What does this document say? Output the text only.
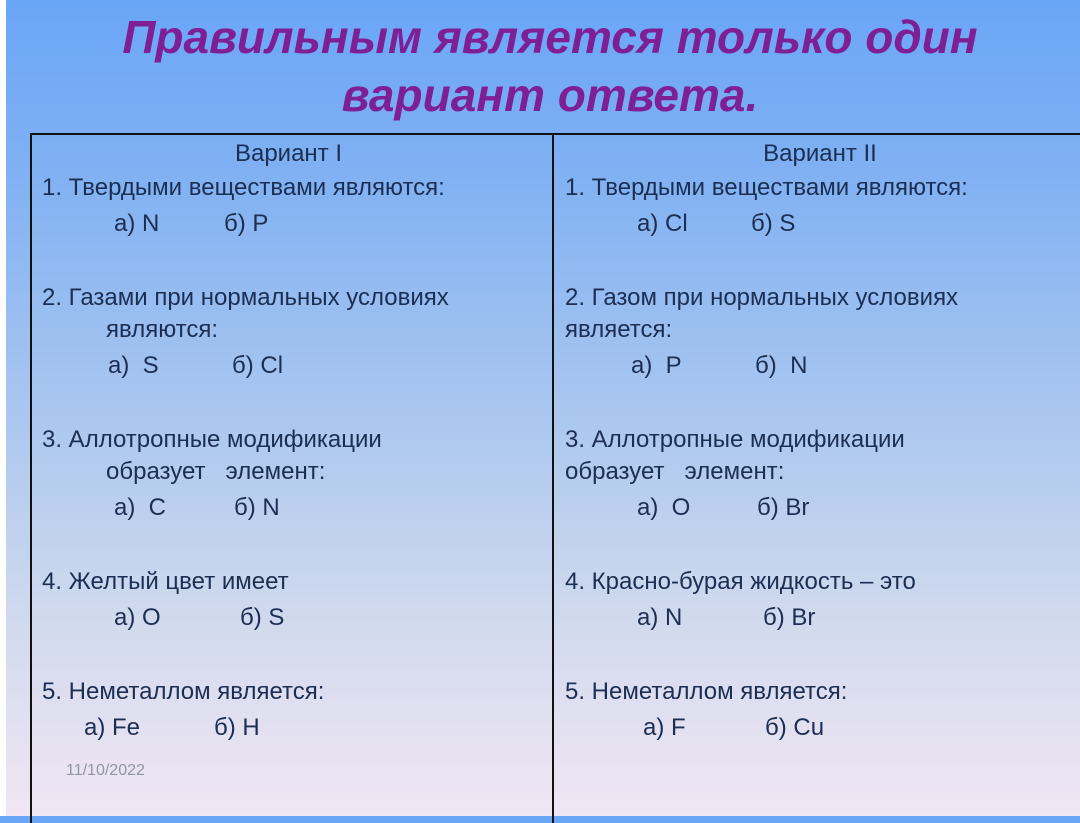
Правильным является только один вариант ответа.
Вариант I
1. Твердыми веществами являются:
а) N	б) P
2. Газами при нормальных условиях
являются:
а)  S	б) Cl
3. Аллотропные модификации
образует   элемент:
а)  C	б) N
4. Желтый цвет имеет
а) O	б) S
5. Неметаллом является:
а) Fe	б) H
Вариант II
1. Твердыми веществами являются:
а) Cl	б) S
2. Газом при нормальных условиях
является:
а)  P	б)  N
3. Аллотропные модификации
образует   элемент:
а)  O	б) Br
4. Красно-бурая жидкость – это
а) N	б) Br
5. Неметаллом является:
а) F	б) Cu
11/10/2022
